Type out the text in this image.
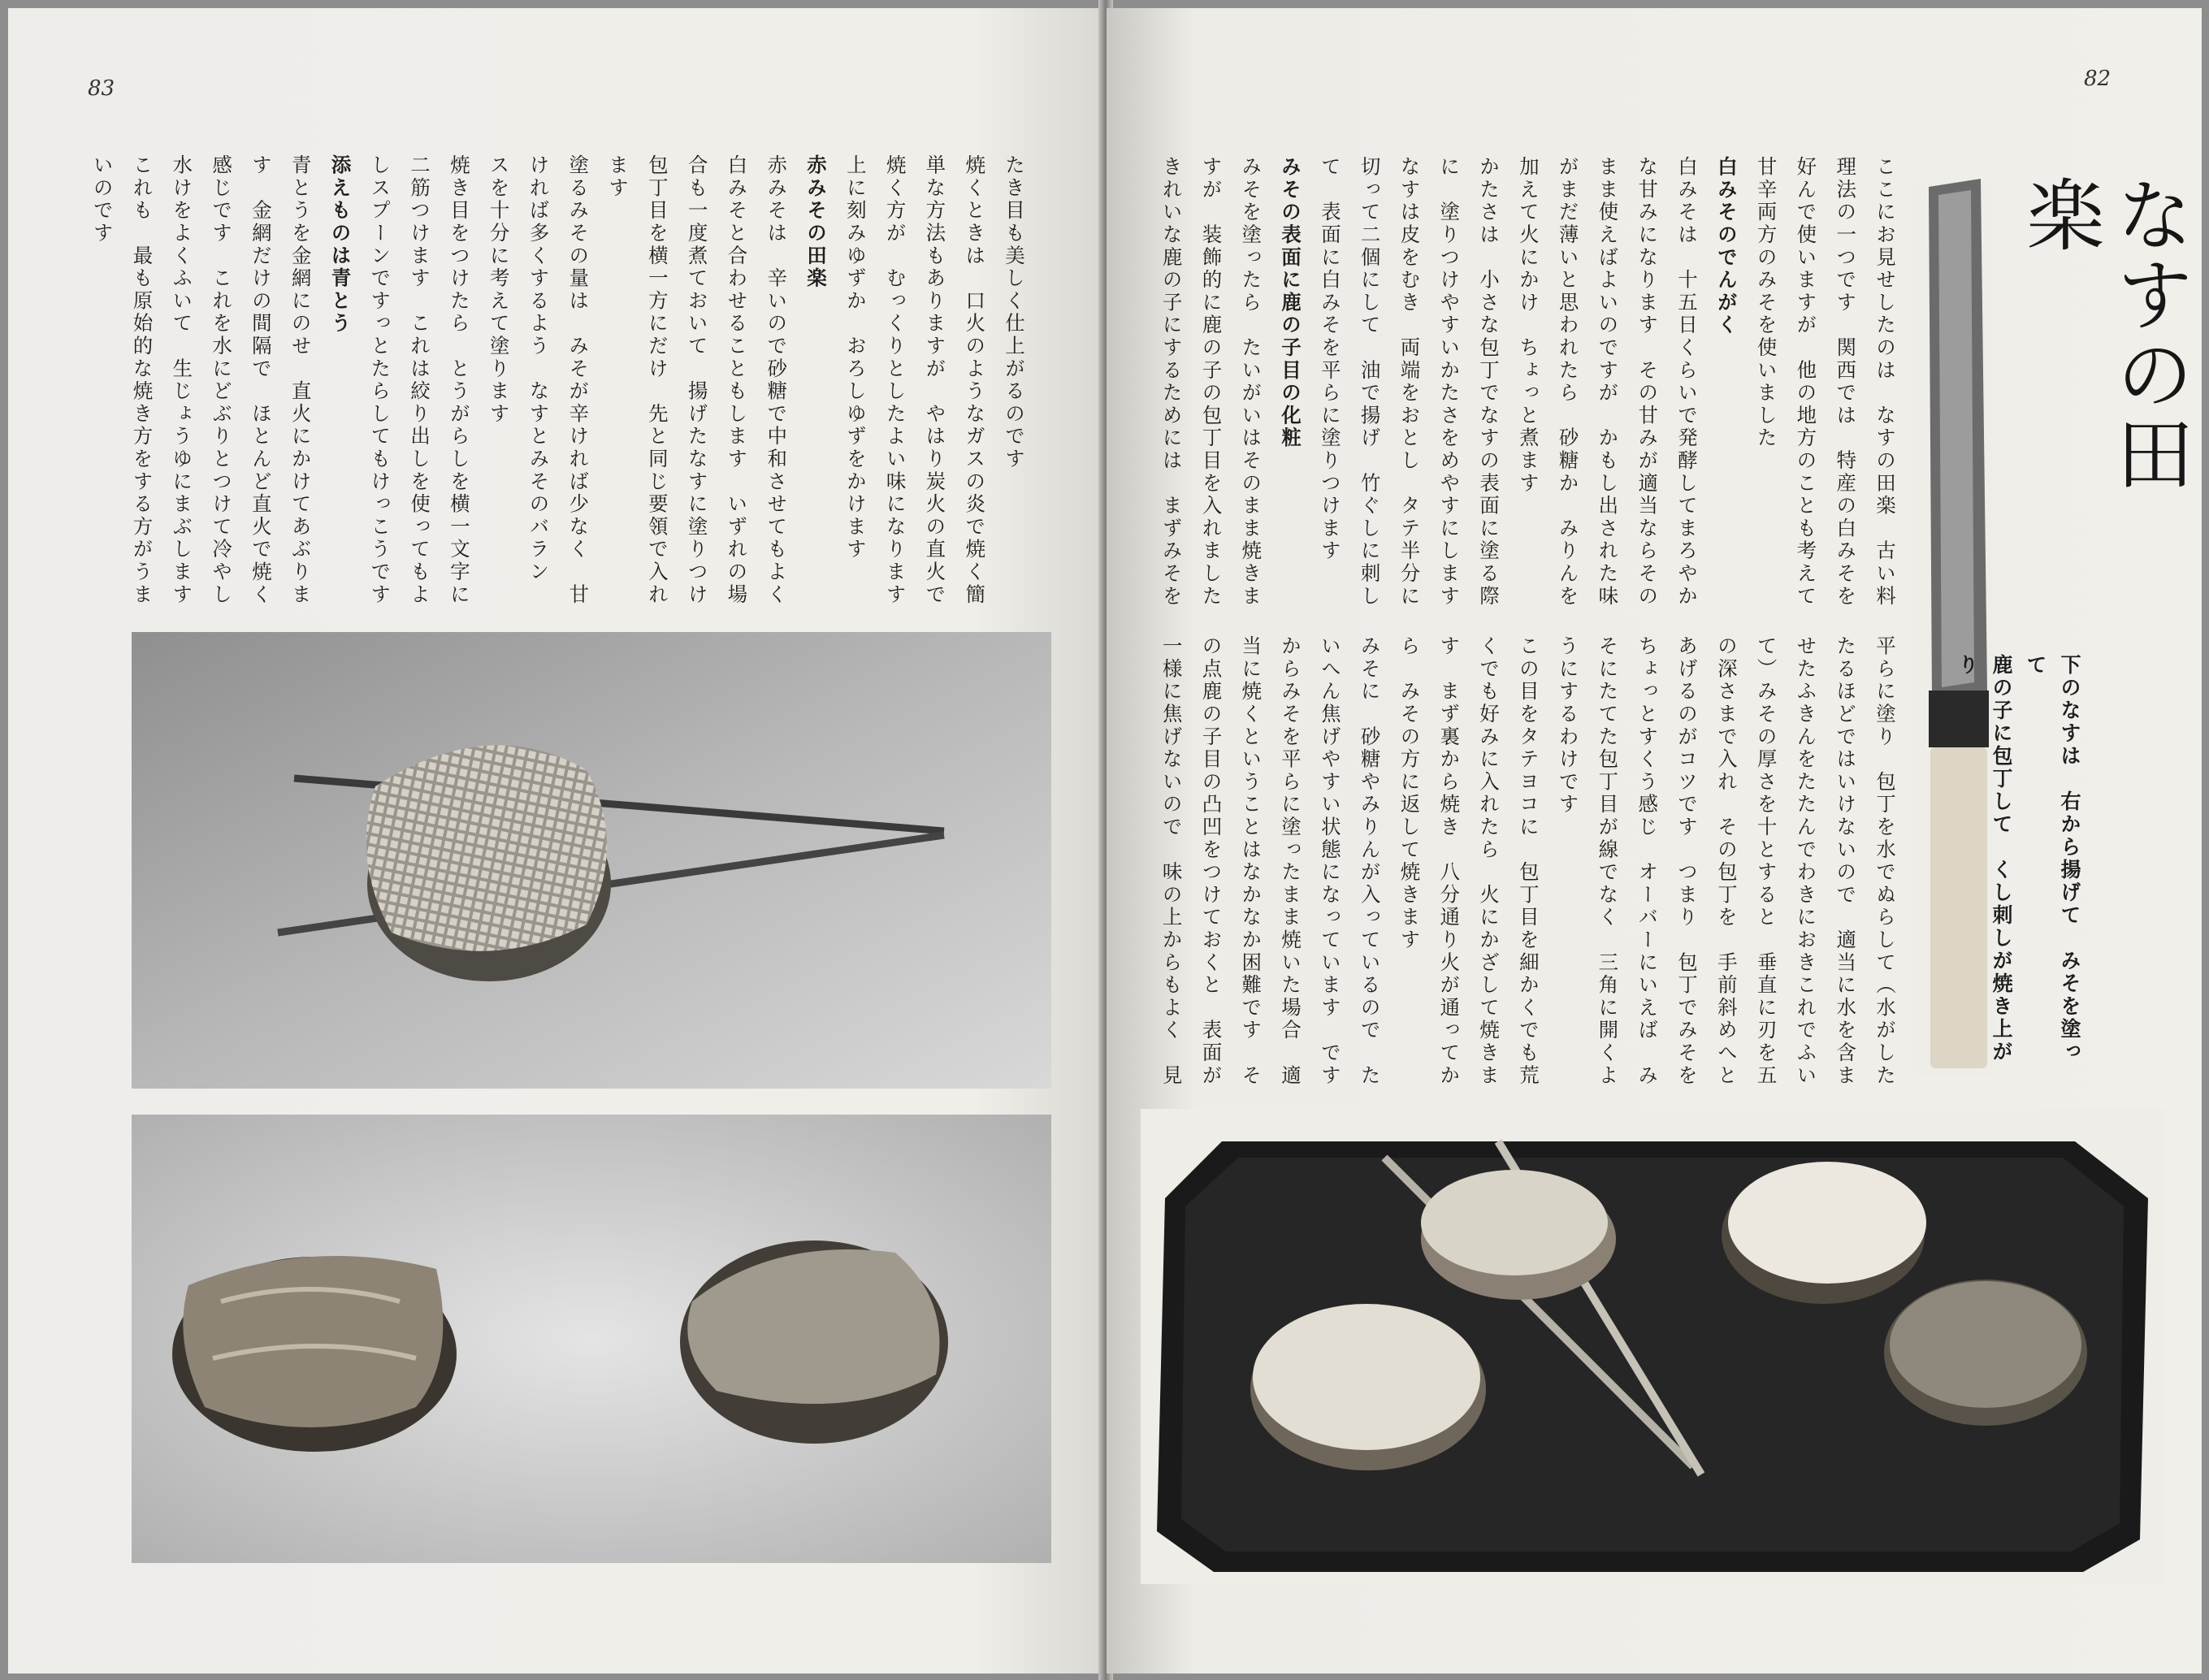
83
たき目も美しく仕上がるのです
焼くときは　口火のようなガスの炎で焼く簡
単な方法もありますが　やはり炭火の直火で
焼く方が　むっくりとしたよい味になります
上に刻みゆずか　おろしゆずをかけます
赤みその田楽
赤みそは　辛いので砂糖で中和させてもよく
白みそと合わせることもします　いずれの場
合も一度煮ておいて　揚げたなすに塗りつけ
包丁目を横一方にだけ　先と同じ要領で入れ
ます
塗るみその量は　みそが辛ければ少なく　甘
ければ多くするよう　なすとみそのバラン
スを十分に考えて塗ります
焼き目をつけたら　とうがらしを横一文字に
二筋つけます　これは絞り出しを使ってもよ
しスプーンですっとたらしてもけっこうです
添えものは青とう
青とうを金網にのせ　直火にかけてあぶりま
す　金網だけの間隔で　ほとんど直火で焼く
感じです　これを水にどぶりとつけて冷やし
水けをよくふいて　生じょうゆにまぶします
これも　最も原始的な焼き方をする方がうま
いのです
82
なすの田楽
下のなすは　右から揚げて　みそを塗って
鹿の子に包丁して　くし刺しが焼き上がり
ここにお見せしたのは　なすの田楽　古い料
理法の一つです　関西では　特産の白みそを
好んで使いますが　他の地方のことも考えて
甘辛両方のみそを使いました
白みそのでんがく
白みそは　十五日くらいで発酵してまろやか
な甘みになります　その甘みが適当ならその
まま使えばよいのですが　かもし出された味
がまだ薄いと思われたら　砂糖か　みりんを
加えて火にかけ　ちょっと煮ます
かたさは　小さな包丁でなすの表面に塗る際
に　塗りつけやすいかたさをめやすにします
なすは皮をむき　両端をおとし　タテ半分に
切って二個にして　油で揚げ　竹ぐしに刺し
て　表面に白みそを平らに塗りつけます
みその表面に鹿の子目の化粧
みそを塗ったら　たいがいはそのまま焼きま
すが　装飾的に鹿の子の包丁目を入れました
きれいな鹿の子にするためには　まずみそを
平らに塗り　包丁を水でぬらして（水がした
たるほどではいけないので　適当に水を含ま
せたふきんをたたんでわきにおきこれでふい
て）みその厚さを十とすると　垂直に刃を五
の深さまで入れ　その包丁を　手前斜めへと
あげるのがコツです　つまり　包丁でみそを
ちょっとすくう感じ　オーバーにいえば　み
そにたてた包丁目が線でなく　三角に開くよ
うにするわけです
この目をタテヨコに　包丁目を細かくでも荒
くでも好みに入れたら　火にかざして焼きま
す　まず裏から焼き　八分通り火が通ってか
ら　みその方に返して焼きます
みそに　砂糖やみりんが入っているので　た
いへん焦げやすい状態になっています　です
からみそを平らに塗ったまま焼いた場合　適
当に焼くということはなかなか困難です　そ
の点鹿の子目の凸凹をつけておくと　表面が
一様に焦げないので　味の上からもよく　見
